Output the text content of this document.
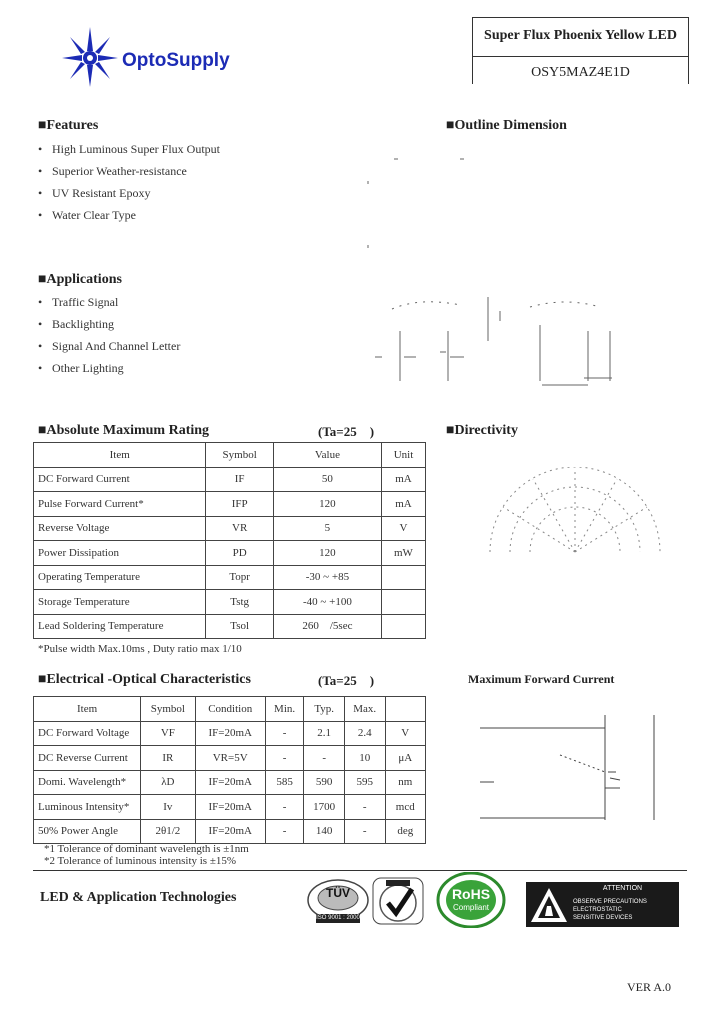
OptoSupply
Super Flux Phoenix Yellow LED
OSY5MAZ4E1D
■Features
• High Luminous Super Flux Output
• Superior Weather-resistance
• UV Resistant Epoxy
• Water Clear Type
■Outline Dimension
■Applications
• Traffic Signal
• Backlighting
• Signal And Channel Letter
• Other Lighting
■Absolute Maximum Rating	(Ta=25    )
Item	Symbol	Value	Unit
DC Forward Current	IF	50	mA
Pulse Forward Current*	IFP	120	mA
Reverse Voltage	VR	5	V
Power Dissipation	PD	120	mW
Operating Temperature	Topr	-30 ~ +85	
Storage Temperature	Tstg	-40 ~ +100	
Lead Soldering Temperature	Tsol	260    /5sec	
*Pulse width Max.10ms , Duty ratio max 1/10
■Directivity
■Electrical -Optical Characteristics	(Ta=25    )
Item	Symbol	Condition	Min.	Typ.	Max.	
DC Forward Voltage	VF	IF=20mA	-	2.1	2.4	V
DC Reverse Current	IR	VR=5V	-	-	10	μA
Domi. Wavelength*	λD	IF=20mA	585	590	595	nm
Luminous Intensity*	Iv	IF=20mA	-	1700	-	mcd
50% Power Angle	2θ1/2	IF=20mA	-	140	-	deg
*1 Tolerance of dominant wavelength is ±1nm
*2 Tolerance of luminous intensity is ±15%
Maximum Forward Current
LED & Application Technologies	TÜV
ISO 9001 : 2000
RoHS
Compliant
ATTENTION
OBSERVE PRECAUTIONS
ELECTROSTATIC
SENSITIVE DEVICES
VER A.0
